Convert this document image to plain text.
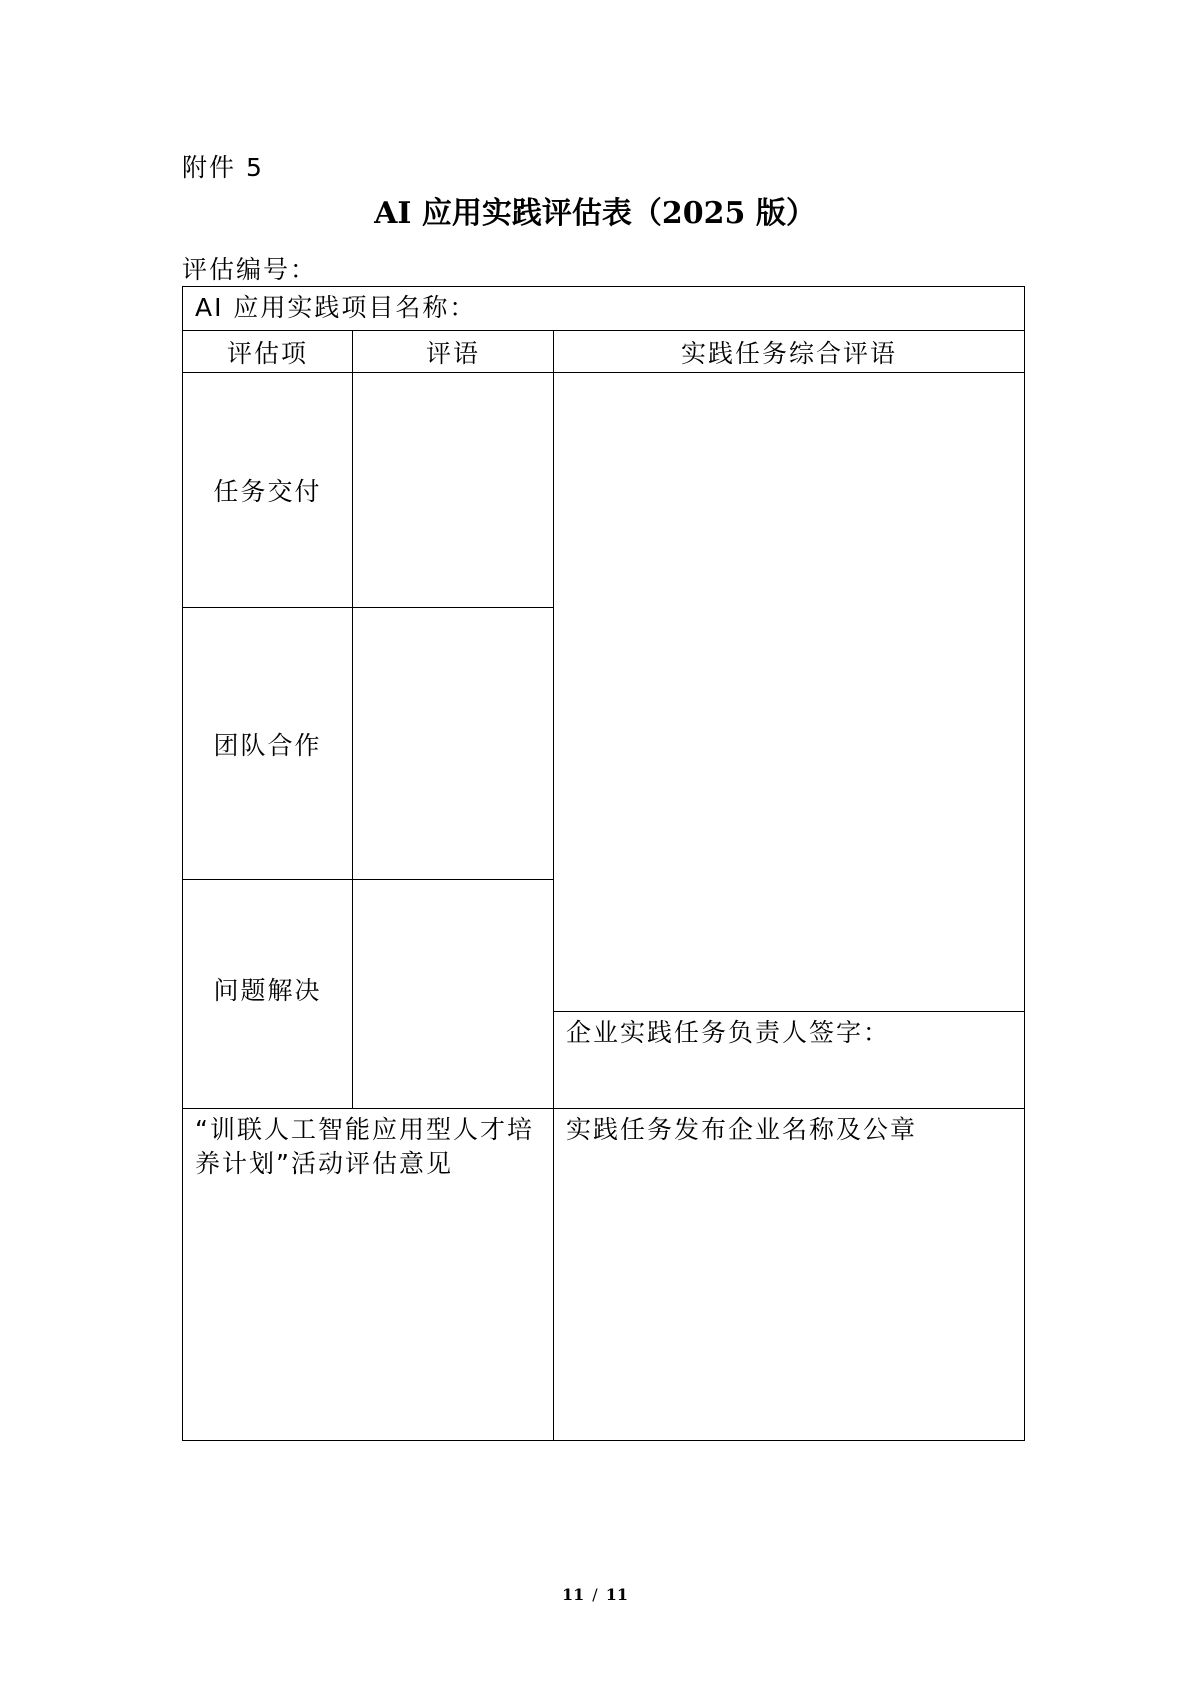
附件 5
AI 应用实践评估表（2025 版）
评估编号：
AI 应用实践项目名称：
评估项	评语	实践任务综合评语
任务交付
团队合作
问题解决
企业实践任务负责人签字：
“训联人工智能应用型人才培养计划”活动评估意见
实践任务发布企业名称及公章
11 / 11
